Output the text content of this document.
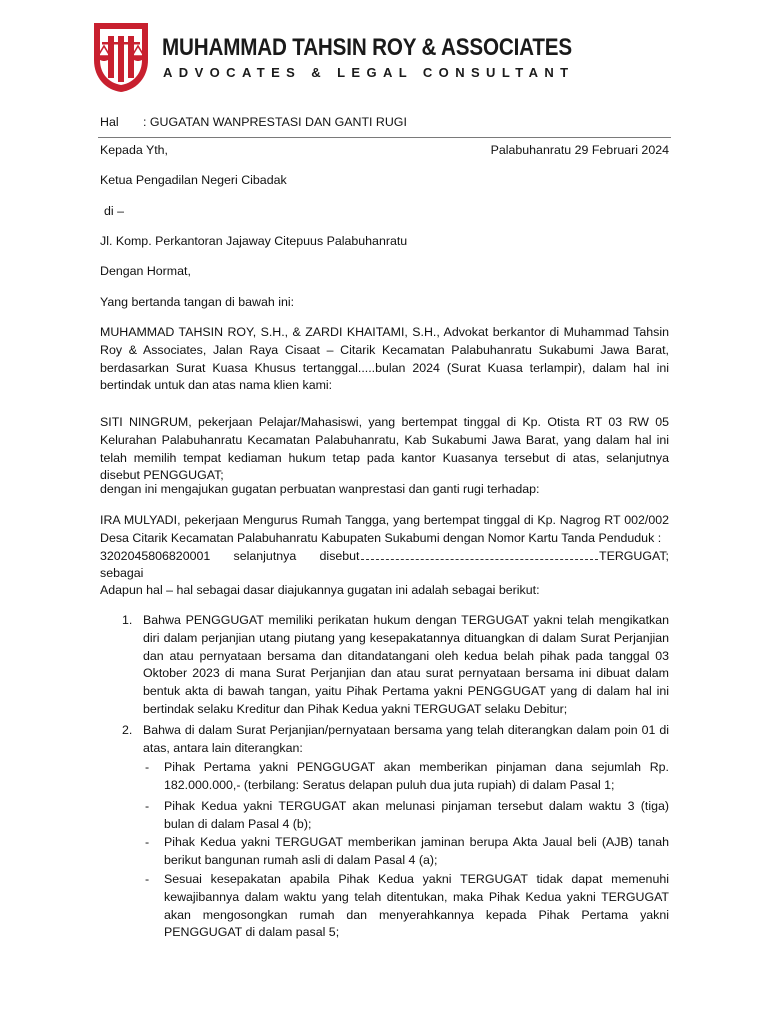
MUHAMMAD TAHSIN ROY & ASSOCIATES
ADVOCATES & LEGAL CONSULTANT
Hal : GUGATAN WANPRESTASI DAN GANTI RUGI
Kepada Yth,	Palabuhanratu 29 Februari 2024
Ketua Pengadilan Negeri Cibadak
di –
Jl. Komp. Perkantoran Jajaway Citepuus Palabuhanratu
Dengan Hormat,
Yang bertanda tangan di bawah ini:
MUHAMMAD TAHSIN ROY, S.H., & ZARDI KHAITAMI, S.H., Advokat berkantor di Muhammad Tahsin Roy & Associates, Jalan Raya Cisaat – Citarik Kecamatan Palabuhanratu Sukabumi Jawa Barat, berdasarkan Surat Kuasa Khusus tertanggal.....bulan 2024 (Surat Kuasa terlampir), dalam hal ini bertindak untuk dan atas nama klien kami:
SITI NINGRUM, pekerjaan Pelajar/Mahasiswi, yang bertempat tinggal di Kp. Otista RT 03 RW 05 Kelurahan Palabuhanratu Kecamatan Palabuhanratu, Kab Sukabumi Jawa Barat, yang dalam hal ini telah memilih tempat kediaman hukum tetap pada kantor Kuasanya tersebut di atas, selanjutnya disebut PENGGUGAT;
dengan ini mengajukan gugatan perbuatan wanprestasi dan ganti rugi terhadap:
IRA MULYADI, pekerjaan Mengurus Rumah Tangga, yang bertempat tinggal di Kp. Nagrog RT 002/002 Desa Citarik Kecamatan Palabuhanratu Kabupaten Sukabumi dengan Nomor Kartu Tanda Penduduk :
3202045806820001 selanjutnya disebut sebagai
TERGUGAT;
Adapun hal – hal sebagai dasar diajukannya gugatan ini adalah sebagai berikut:
1. Bahwa PENGGUGAT memiliki perikatan hukum dengan TERGUGAT yakni telah mengikatkan diri dalam perjanjian utang piutang yang kesepakatannya dituangkan di dalam Surat Perjanjian dan atau pernyataan bersama dan ditandatangani oleh kedua belah pihak pada tanggal 03 Oktober 2023 di mana Surat Perjanjian dan atau surat pernyataan bersama ini dibuat dalam bentuk akta di bawah tangan, yaitu Pihak Pertama yakni PENGGUGAT yang di dalam hal ini bertindak selaku Kreditur dan Pihak Kedua yakni TERGUGAT selaku Debitur;
2. Bahwa di dalam Surat Perjanjian/pernyataan bersama yang telah diterangkan dalam poin 01 di atas, antara lain diterangkan:
- Pihak Pertama yakni PENGGUGAT akan memberikan pinjaman dana sejumlah Rp. 182.000.000,- (terbilang: Seratus delapan puluh dua juta rupiah) di dalam Pasal 1;
- Pihak Kedua yakni TERGUGAT akan melunasi pinjaman tersebut dalam waktu 3 (tiga) bulan di dalam Pasal 4 (b);
- Pihak Kedua yakni TERGUGAT memberikan jaminan berupa Akta Jaual beli (AJB) tanah berikut bangunan rumah asli di dalam Pasal 4 (a);
- Sesuai kesepakatan apabila Pihak Kedua yakni TERGUGAT tidak dapat memenuhi kewajibannya dalam waktu yang telah ditentukan, maka Pihak Kedua yakni TERGUGAT akan mengosongkan rumah dan menyerahkannya kepada Pihak Pertama yakni PENGGUGAT di dalam pasal 5;
